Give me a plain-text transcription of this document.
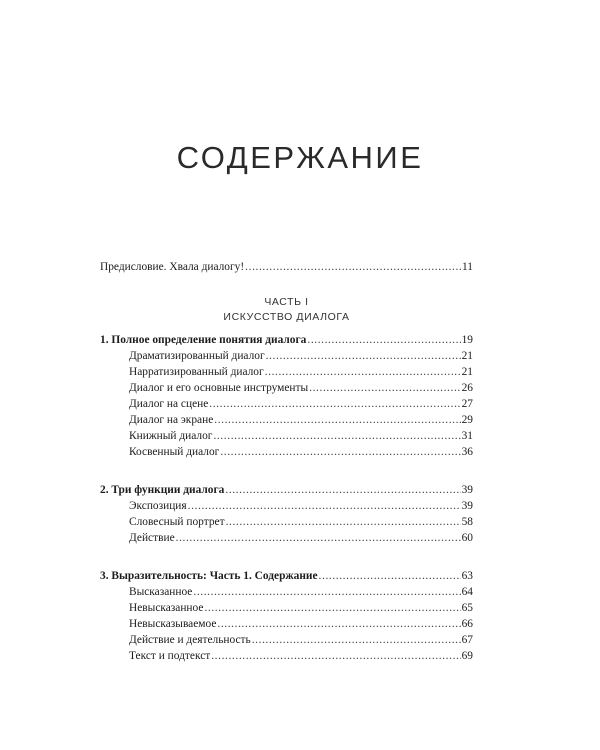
СОДЕРЖАНИЕ
Предисловие. Хвала диалогу! .....	11
ЧАСТЬ I
ИСКУССТВО ДИАЛОГА
1. Полное определение понятия диалога .....	19
Драматизированный диалог .....	21
Нарратизированный диалог .....	21
Диалог и его основные инструменты .....	26
Диалог на сцене .....	27
Диалог на экране .....	29
Книжный диалог .....	31
Косвенный диалог .....	36
2. Три функции диалога .....	39
Экспозиция .....	39
Словесный портрет .....	58
Действие .....	60
3. Выразительность: Часть 1. Содержание .....	63
Высказанное .....	64
Невысказанное .....	65
Невысказываемое .....	66
Действие и деятельность .....	67
Текст и подтекст .....	69
